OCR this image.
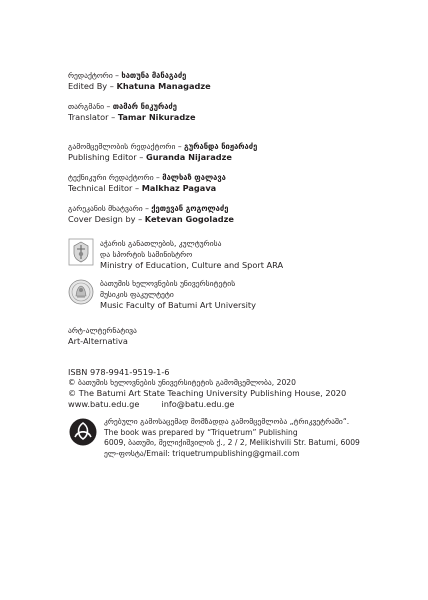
რედაქტორი – ხათუნა მანაგაძე
Edited By – Khatuna Managadze
თარგმანი – თამარ ნიკურაძე
Translator – Tamar Nikuradze
გამომცემლობის რედაქტორი – გურანდა ნიჟარაძე
Publishing Editor – Guranda Nijaradze
ტექნიკური რედაქტორი – მალხაზ ფალავა
Technical Editor – Malkhaz Pagava
გარეკანის მხატვარი – ქეთევან გოგოლაძე
Cover Design by – Ketevan Gogoladze
აჭარის განათლების, კულტურისა
და სპორტის სამინისტრო
Ministry of Education, Culture and Sport ARA
ბათუმის ხელოვნების უნივერსიტეტის
მუსიკის ფაკულტეტი
Music Faculty of Batumi Art University
არტ-ალტერნატივა
Art-Alternativa
ISBN 978-9941-9519-1-6
© ბათუმის ხელოვნების უნივერსიტეტის გამომცემლობა, 2020
© The Batumi Art State Teaching University Publishing House, 2020
www.batu.edu.ge	info@batu.edu.ge
კრებული გამოსაცემად მომზადდა გამომცემლობა „ტრიკვეტრაში“.
The book was prepared by “Triquetrum” Publishing
6009, ბათუმი, მელიქიშვილის ქ., 2 / 2, Melikishvili Str. Batumi, 6009
ელ-ფოსტა/Email: triquetrumpublishing@gmail.com
